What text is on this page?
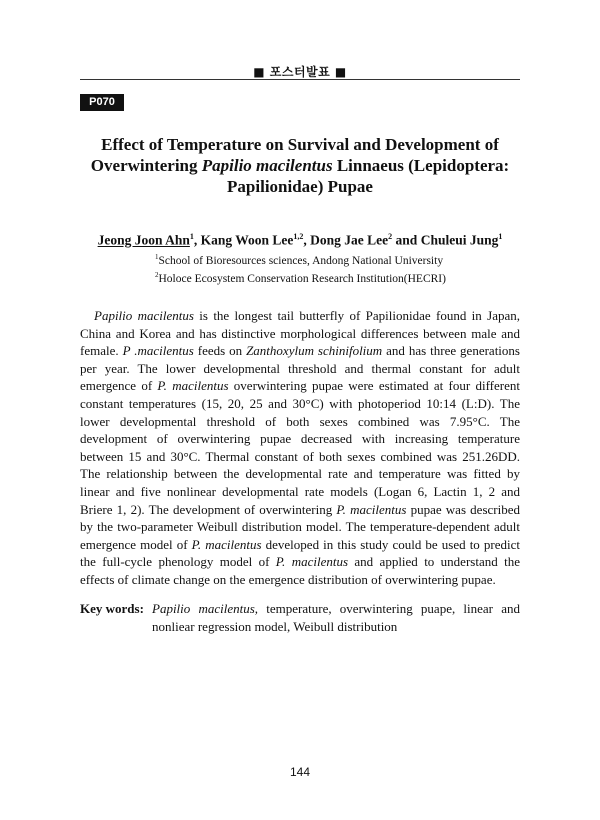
■ 포스터발표 ■
P070
Effect of Temperature on Survival and Development of Overwintering Papilio macilentus Linnaeus (Lepidoptera: Papilionidae) Pupae
Jeong Joon Ahn$^1$, Kang Woon Lee$^{1,2}$, Dong Jae Lee$^2$ and Chuleui Jung$^1$
$^1$School of Bioresources sciences, Andong National University
$^2$Holoce Ecosystem Conservation Research Institution(HECRI)

Papilio macilentus is the longest tail butterfly of Papilionidae found in Japan, China and Korea and has distinctive morphological differences between male and female. P .macilentus feeds on Zanthoxylum schinifolium and has three generations per year. The lower developmental threshold and thermal constant for adult emergence of P. macilentus overwintering pupae were estimated at four different constant temperatures (15, 20, 25 and 30°C) with photoperiod 10:14 (L:D). The lower developmental threshold of both sexes combined was 7.95°C. The development of overwintering pupae decreased with increasing temperature between 15 and 30°C. Thermal constant of both sexes combined was 251.26DD. The relationship between the developmental rate and temperature was fitted by linear and five nonlinear developmental rate models (Logan 6, Lactin 1, 2 and Briere 1, 2). The development of overwintering P. macilentus pupae was described by the two-parameter Weibull distribution model. The temperature-dependent adult emergence model of P. macilentus developed in this study could be used to predict the full-cycle phenology model of P. macilentus and applied to understand the effects of climate change on the emergence distribution of overwintering pupae.

Key words: Papilio macilentus, temperature, overwintering puape, linear and nonliear regression model, Weibull distribution
144
